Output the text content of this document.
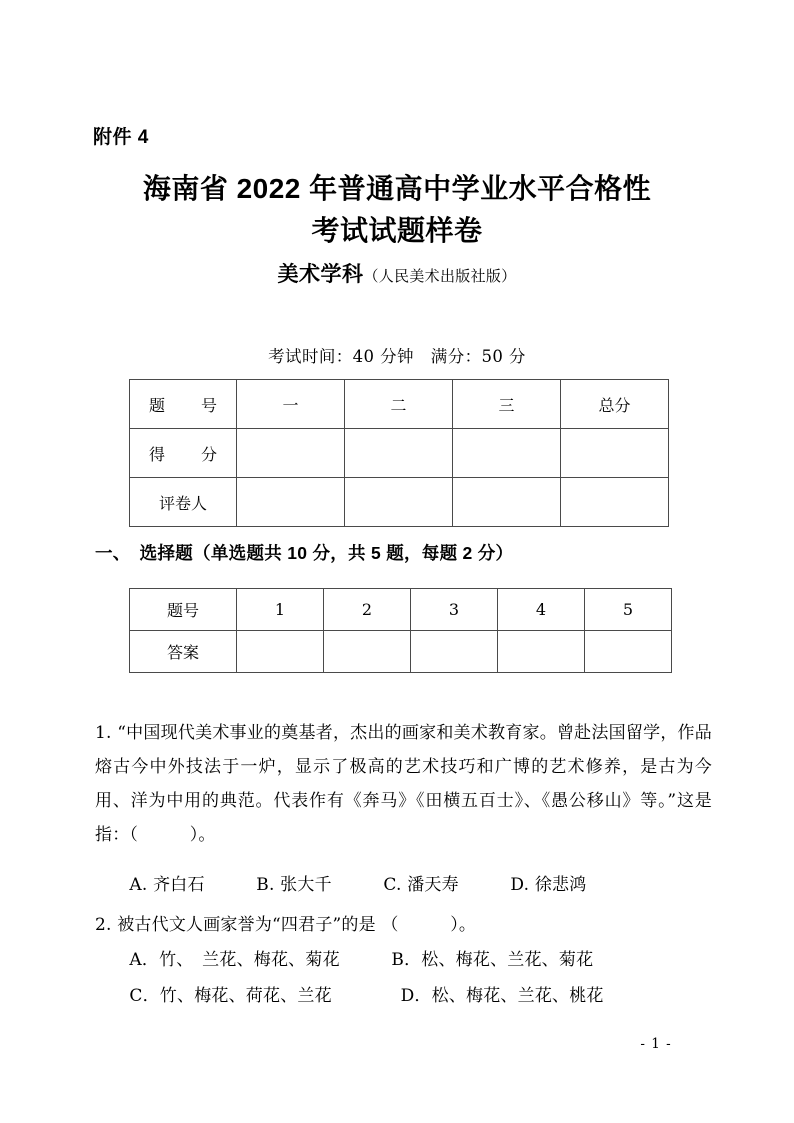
附件 4
海南省 2022 年普通高中学业水平合格性
考试试题样卷
美术学科（人民美术出版社版）
考试时间：40 分钟　满分：50 分
题　号	一	二	三	总分
得　分				
评卷人				
一、　选择题（单选题共 10 分，共 5 题，每题 2 分）
题号	1	2	3	4	5
答案					
1. “中国现代美术事业的奠基者，杰出的画家和美术教育家。曾赴法国留学，作品熔古今中外技法于一炉，显示了极高的艺术技巧和广博的艺术修养，是古为今用、洋为中用的典范。代表作有《奔马》《田横五百士》、《愚公移山》等。”这是指：（　　　）。
　　A. 齐白石　　　B. 张大千　　　C. 潘天寿　　　D. 徐悲鸿
2. 被古代文人画家誉为“四君子”的是 （　　　）。
　　A．竹、　兰花、梅花、菊花　　　B．松、梅花、兰花、菊花
　　C．竹、梅花、荷花、兰花　　　　D．松、梅花、兰花、桃花
- 1 -
